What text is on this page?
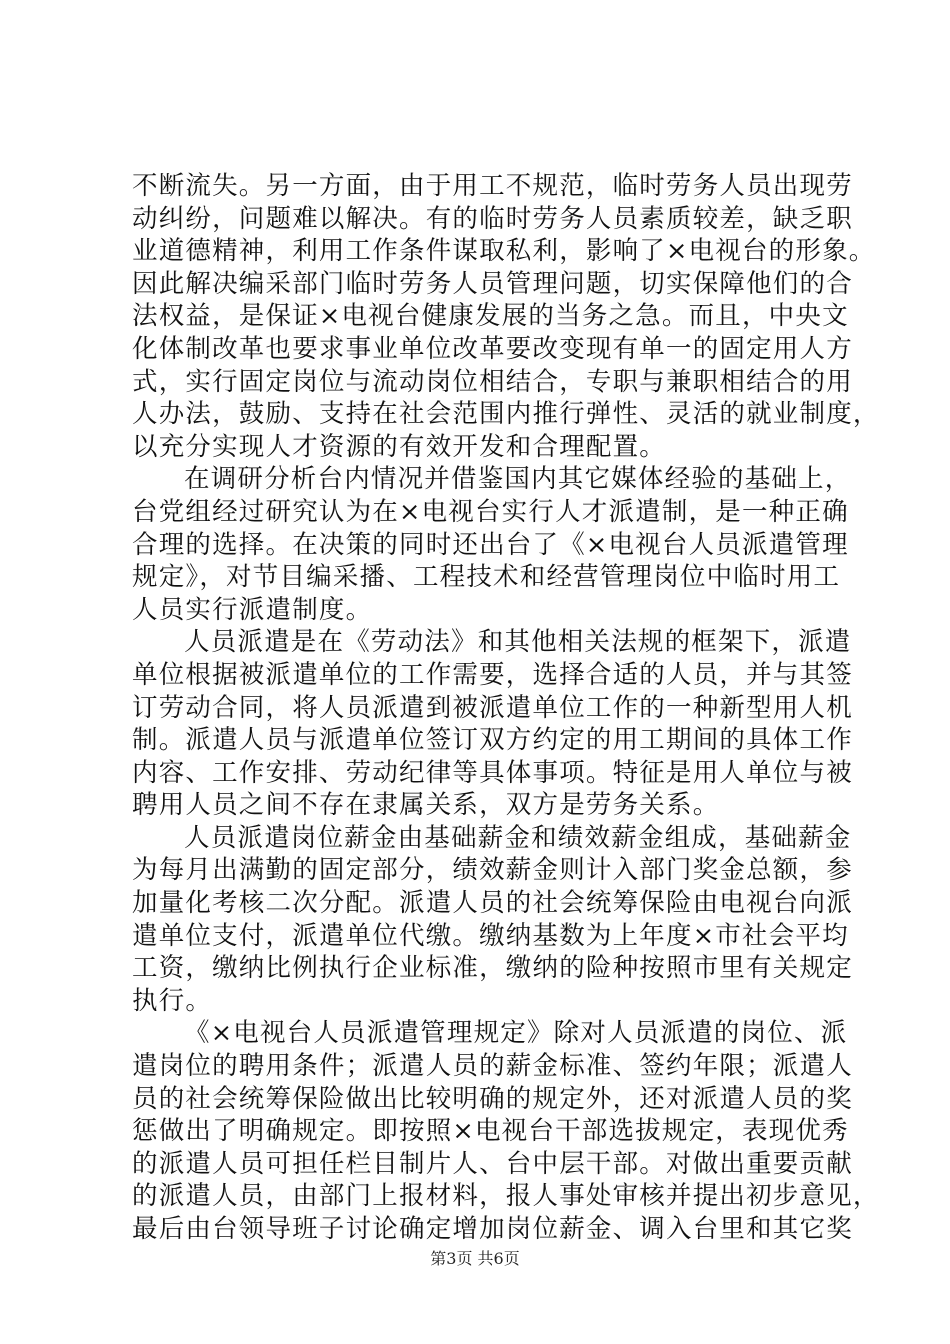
不断流失。另一方面，由于用工不规范，临时劳务人员出现劳
动纠纷，问题难以解决。有的临时劳务人员素质较差，缺乏职
业道德精神，利用工作条件谋取私利，影响了×电视台的形象。
因此解决编采部门临时劳务人员管理问题，切实保障他们的合
法权益，是保证×电视台健康发展的当务之急。而且，中央文
化体制改革也要求事业单位改革要改变现有单一的固定用人方
式，实行固定岗位与流动岗位相结合，专职与兼职相结合的用
人办法，鼓励、支持在社会范围内推行弹性、灵活的就业制度，
以充分实现人才资源的有效开发和合理配置。
在调研分析台内情况并借鉴国内其它媒体经验的基础上，
台党组经过研究认为在×电视台实行人才派遣制，是一种正确
合理的选择。在决策的同时还出台了《×电视台人员派遣管理
规定》，对节目编采播、工程技术和经营管理岗位中临时用工
人员实行派遣制度。
人员派遣是在《劳动法》和其他相关法规的框架下，派遣
单位根据被派遣单位的工作需要，选择合适的人员，并与其签
订劳动合同，将人员派遣到被派遣单位工作的一种新型用人机
制。派遣人员与派遣单位签订双方约定的用工期间的具体工作
内容、工作安排、劳动纪律等具体事项。特征是用人单位与被
聘用人员之间不存在隶属关系，双方是劳务关系。
人员派遣岗位薪金由基础薪金和绩效薪金组成，基础薪金
为每月出满勤的固定部分，绩效薪金则计入部门奖金总额，参
加量化考核二次分配。派遣人员的社会统筹保险由电视台向派
遣单位支付，派遣单位代缴。缴纳基数为上年度×市社会平均
工资，缴纳比例执行企业标准，缴纳的险种按照市里有关规定
执行。
《×电视台人员派遣管理规定》除对人员派遣的岗位、派
遣岗位的聘用条件；派遣人员的薪金标准、签约年限；派遣人
员的社会统筹保险做出比较明确的规定外，还对派遣人员的奖
惩做出了明确规定。即按照×电视台干部选拔规定，表现优秀
的派遣人员可担任栏目制片人、台中层干部。对做出重要贡献
的派遣人员，由部门上报材料，报人事处审核并提出初步意见，
最后由台领导班子讨论确定增加岗位薪金、调入台里和其它奖
第3页 共6页
